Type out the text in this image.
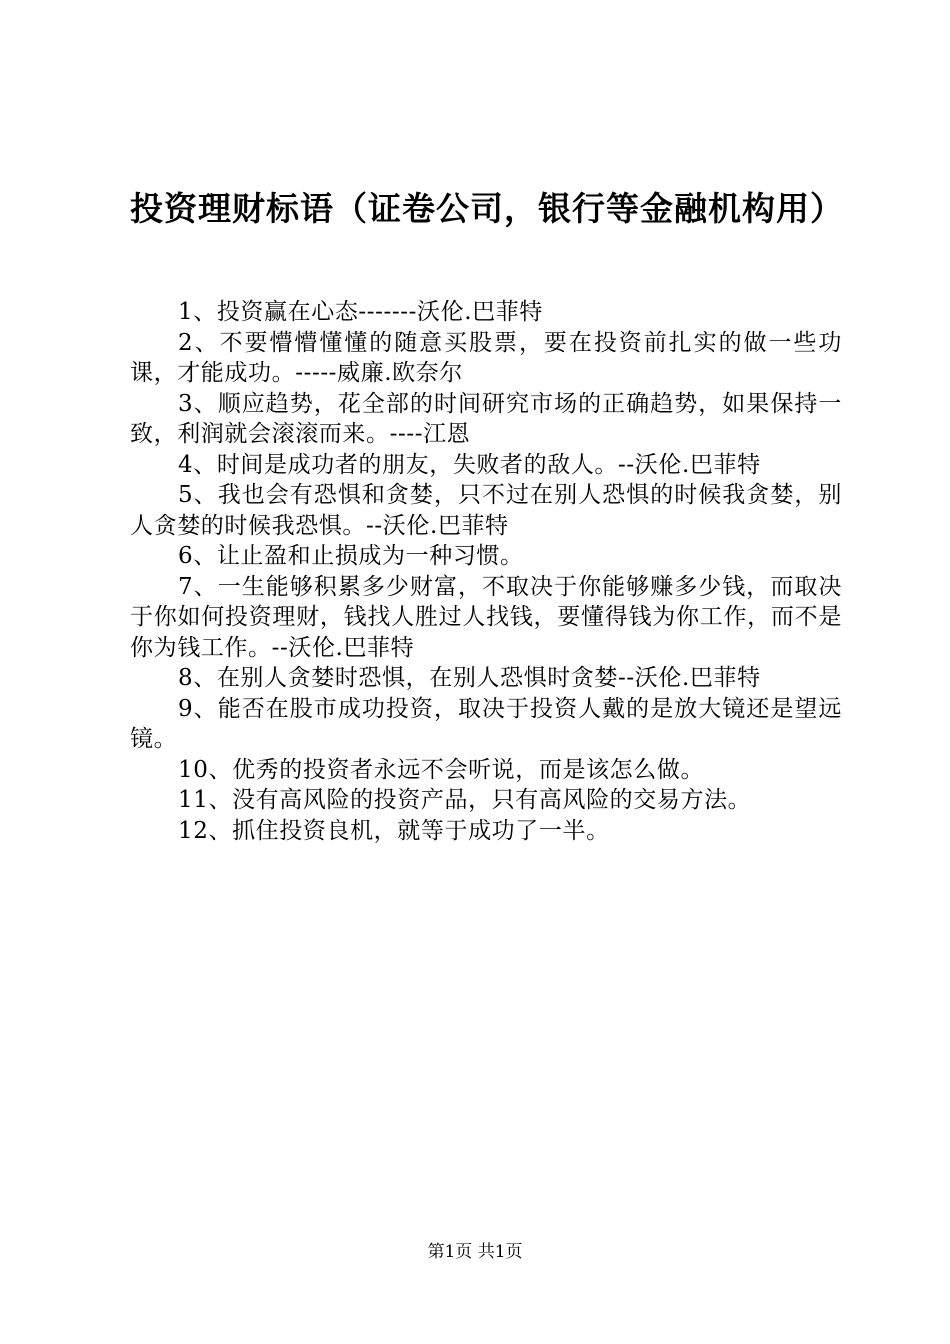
投资理财标语（证卷公司，银行等金融机构用）
1、投资赢在心态-------沃伦.巴菲特
2、不要懵懵懂懂的随意买股票，要在投资前扎实的做一些功课，才能成功。-----威廉.欧奈尔
3、顺应趋势，花全部的时间研究市场的正确趋势，如果保持一致，利润就会滚滚而来。----江恩
4、时间是成功者的朋友，失败者的敌人。--沃伦.巴菲特
5、我也会有恐惧和贪婪，只不过在别人恐惧的时候我贪婪，别人贪婪的时候我恐惧。--沃伦.巴菲特
6、让止盈和止损成为一种习惯。
7、一生能够积累多少财富，不取决于你能够赚多少钱，而取决于你如何投资理财，钱找人胜过人找钱，要懂得钱为你工作，而不是你为钱工作。--沃伦.巴菲特
8、在别人贪婪时恐惧，在别人恐惧时贪婪--沃伦.巴菲特
9、能否在股市成功投资，取决于投资人戴的是放大镜还是望远镜。
10、优秀的投资者永远不会听说，而是该怎么做。
11、没有高风险的投资产品，只有高风险的交易方法。
12、抓住投资良机，就等于成功了一半。
第1页 共1页
